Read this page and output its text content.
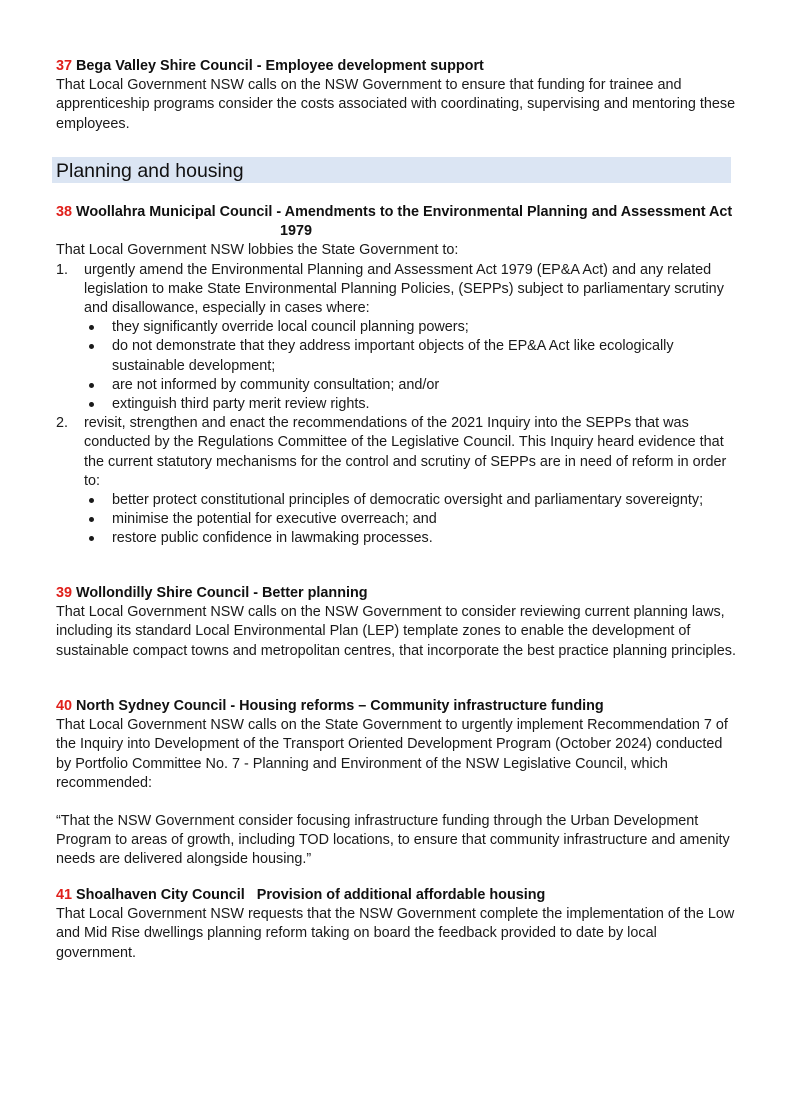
37 Bega Valley Shire Council - Employee development support

That Local Government NSW calls on the NSW Government to ensure that funding for trainee and apprenticeship programs consider the costs associated with coordinating, supervising and mentoring these employees.

Planning and housing
38 Woollahra Municipal Council - Amendments to the Environmental Planning and Assessment Act
1979

That Local Government NSW lobbies the State Government to:

1. urgently amend the Environmental Planning and Assessment Act 1979 (EP&A Act) and any related legislation to make State Environmental Planning Policies, (SEPPs) subject to parliamentary scrutiny and disallowance, especially in cases where:
they significantly override local council planning powers;
do not demonstrate that they address important objects of the EP&A Act like ecologically sustainable development;
are not informed by community consultation; and/or
extinguish third party merit review rights.
2. revisit, strengthen and enact the recommendations of the 2021 Inquiry into the SEPPs that was conducted by the Regulations Committee of the Legislative Council. This Inquiry heard evidence that the current statutory mechanisms for the control and scrutiny of SEPPs are in need of reform in order to:
better protect constitutional principles of democratic oversight and parliamentary sovereignty;
minimise the potential for executive overreach; and
restore public confidence in lawmaking processes.
39 Wollondilly Shire Council - Better planning

That Local Government NSW calls on the NSW Government to consider reviewing current planning laws, including its standard Local Environmental Plan (LEP) template zones to enable the development of sustainable compact towns and metropolitan centres, that incorporate the best practice planning principles.

40 North Sydney Council - Housing reforms – Community infrastructure funding

That Local Government NSW calls on the State Government to urgently implement Recommendation 7 of the Inquiry into Development of the Transport Oriented Development Program (October 2024) conducted by Portfolio Committee No. 7 - Planning and Environment of the NSW Legislative Council, which recommended:

“That the NSW Government consider focusing infrastructure funding through the Urban Development Program to areas of growth, including TOD locations, to ensure that community infrastructure and amenity needs are delivered alongside housing.”

41 Shoalhaven City Council   Provision of additional affordable housing

That Local Government NSW requests that the NSW Government complete the implementation of the Low and Mid Rise dwellings planning reform taking on board the feedback provided to date by local government.
